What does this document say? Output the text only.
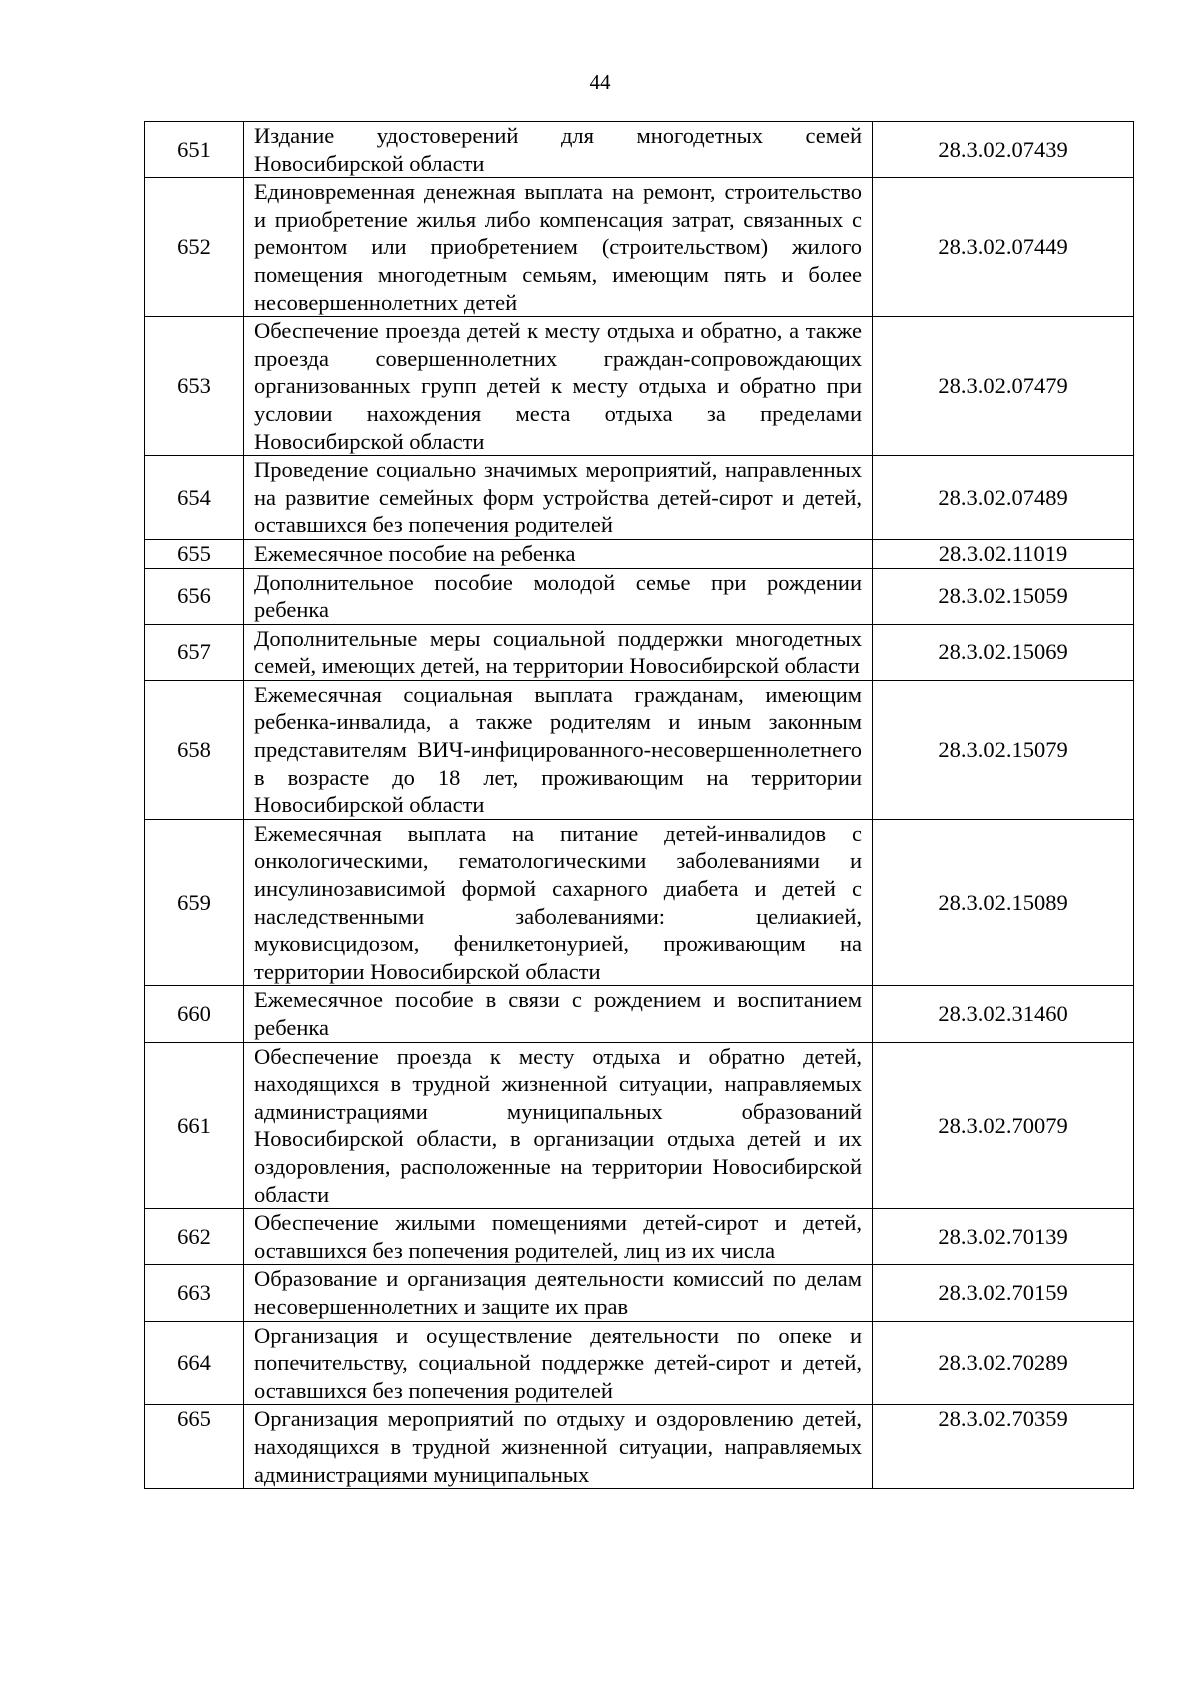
44
651	Издание удостоверений для многодетных семей Новосибирской области	28.3.02.07439
652	Единовременная денежная выплата на ремонт, строительство и приобретение жилья либо компенсация затрат, связанных с ремонтом или приобретением (строительством) жилого помещения многодетным семьям, имеющим пять и более несовершеннолетних детей	28.3.02.07449
653	Обеспечение проезда детей к месту отдыха и обратно, а также проезда совершеннолетних граждан-сопровождающих организованных групп детей к месту отдыха и обратно при условии нахождения места отдыха за пределами Новосибирской области	28.3.02.07479
654	Проведение социально значимых мероприятий, направленных на развитие семейных форм устройства детей-сирот и детей, оставшихся без попечения родителей	28.3.02.07489
655	Ежемесячное пособие на ребенка	28.3.02.11019
656	Дополнительное пособие молодой семье при рождении ребенка	28.3.02.15059
657	Дополнительные меры социальной поддержки многодетных семей, имеющих детей, на территории Новосибирской области	28.3.02.15069
658	Ежемесячная социальная выплата гражданам, имеющим ребенка-инвалида, а также родителям и иным законным представителям ВИЧ-инфицированного-несовершеннолетнего в возрасте до 18 лет, проживающим на территории Новосибирской области	28.3.02.15079
659	Ежемесячная выплата на питание детей-инвалидов с онкологическими, гематологическими заболеваниями и инсулинозависимой формой сахарного диабета и детей с наследственными заболеваниями: целиакией, муковисцидозом, фенилкетонурией, проживающим на территории Новосибирской области	28.3.02.15089
660	Ежемесячное пособие в связи с рождением и воспитанием ребенка	28.3.02.31460
661	Обеспечение проезда к месту отдыха и обратно детей, находящихся в трудной жизненной ситуации, направляемых администрациями муниципальных образований Новосибирской области, в организации отдыха детей и их оздоровления, расположенные на территории Новосибирской области	28.3.02.70079
662	Обеспечение жилыми помещениями детей-сирот и детей, оставшихся без попечения родителей, лиц из их числа	28.3.02.70139
663	Образование и организация деятельности комиссий по делам несовершеннолетних и защите их прав	28.3.02.70159
664	Организация и осуществление деятельности по опеке и попечительству, социальной поддержке детей-сирот и детей, оставшихся без попечения родителей	28.3.02.70289
665	Организация мероприятий по отдыху и оздоровлению детей, находящихся в трудной жизненной ситуации, направляемых администрациями муниципальных	28.3.02.70359
